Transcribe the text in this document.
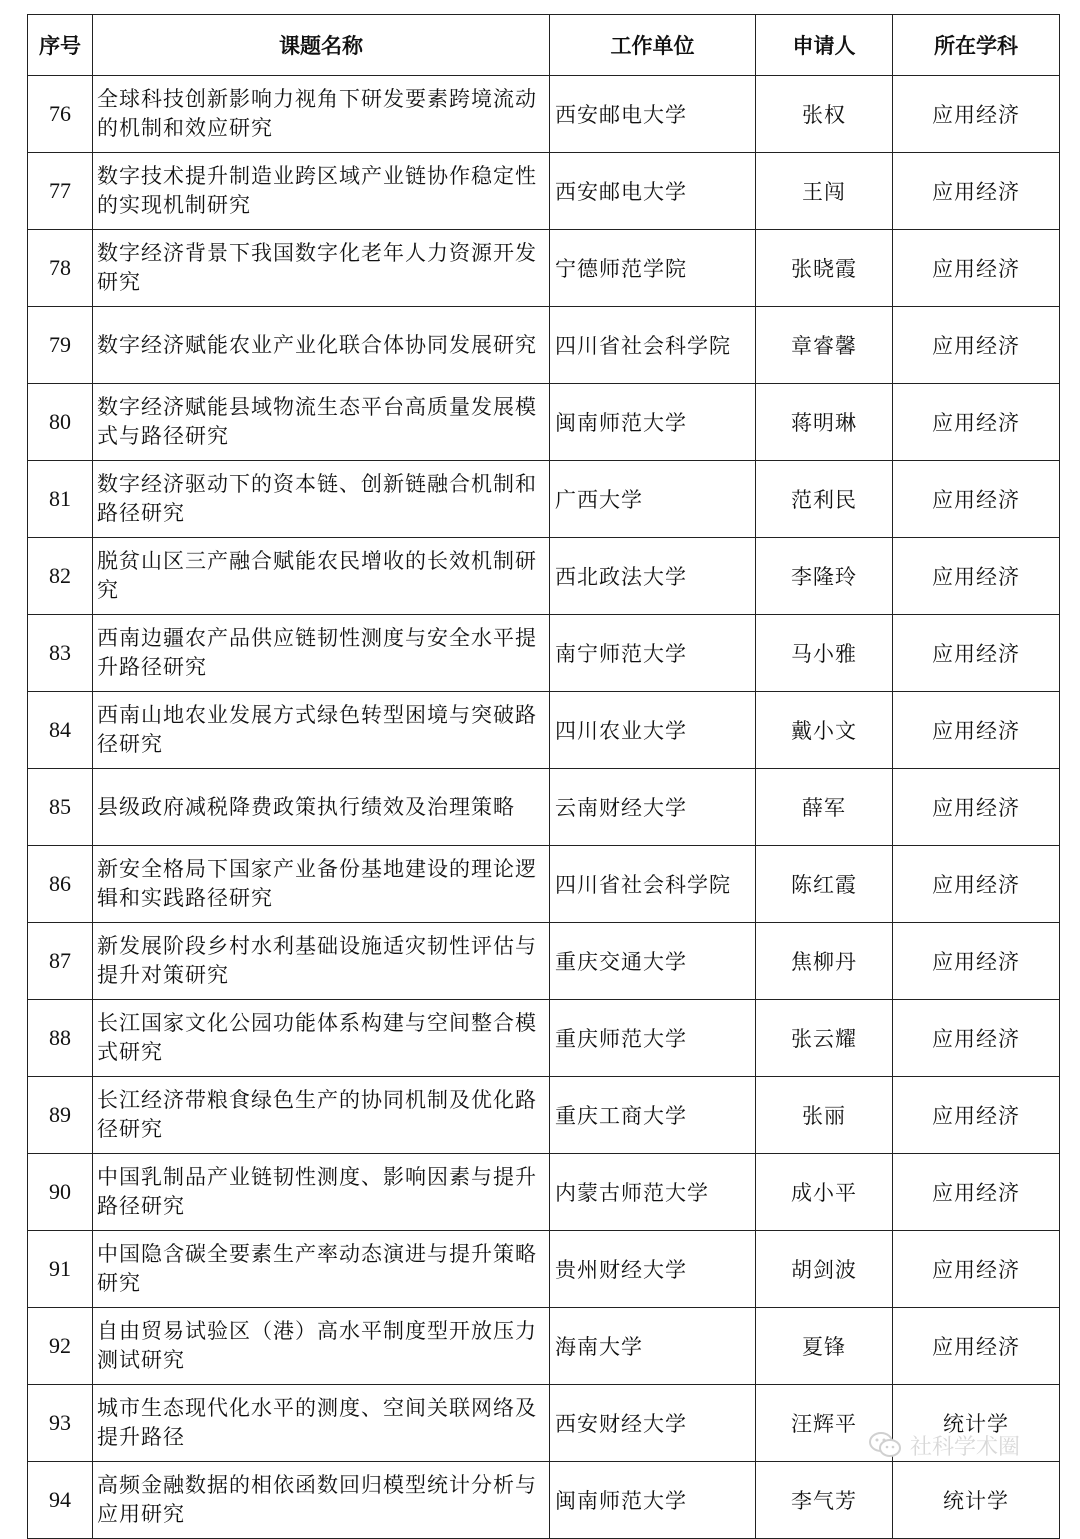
序号	课题名称	工作单位	申请人	所在学科
76	全球科技创新影响力视角下研发要素跨境流动的机制和效应研究	西安邮电大学	张权	应用经济
77	数字技术提升制造业跨区域产业链协作稳定性的实现机制研究	西安邮电大学	王闯	应用经济
78	数字经济背景下我国数字化老年人力资源开发研究	宁德师范学院	张晓霞	应用经济
79	数字经济赋能农业产业化联合体协同发展研究	四川省社会科学院	章睿馨	应用经济
80	数字经济赋能县域物流生态平台高质量发展模式与路径研究	闽南师范大学	蒋明琳	应用经济
81	数字经济驱动下的资本链、创新链融合机制和路径研究	广西大学	范利民	应用经济
82	脱贫山区三产融合赋能农民增收的长效机制研究	西北政法大学	李隆玲	应用经济
83	西南边疆农产品供应链韧性测度与安全水平提升路径研究	南宁师范大学	马小雅	应用经济
84	西南山地农业发展方式绿色转型困境与突破路径研究	四川农业大学	戴小文	应用经济
85	县级政府减税降费政策执行绩效及治理策略	云南财经大学	薛军	应用经济
86	新安全格局下国家产业备份基地建设的理论逻辑和实践路径研究	四川省社会科学院	陈红霞	应用经济
87	新发展阶段乡村水利基础设施适灾韧性评估与提升对策研究	重庆交通大学	焦柳丹	应用经济
88	长江国家文化公园功能体系构建与空间整合模式研究	重庆师范大学	张云耀	应用经济
89	长江经济带粮食绿色生产的协同机制及优化路径研究	重庆工商大学	张丽	应用经济
90	中国乳制品产业链韧性测度、影响因素与提升路径研究	内蒙古师范大学	成小平	应用经济
91	中国隐含碳全要素生产率动态演进与提升策略研究	贵州财经大学	胡剑波	应用经济
92	自由贸易试验区（港）高水平制度型开放压力测试研究	海南大学	夏锋	应用经济
93	城市生态现代化水平的测度、空间关联网络及提升路径	西安财经大学	汪辉平	统计学
94	高频金融数据的相依函数回归模型统计分析与应用研究	闽南师范大学	李气芳	统计学
社科学术圈
